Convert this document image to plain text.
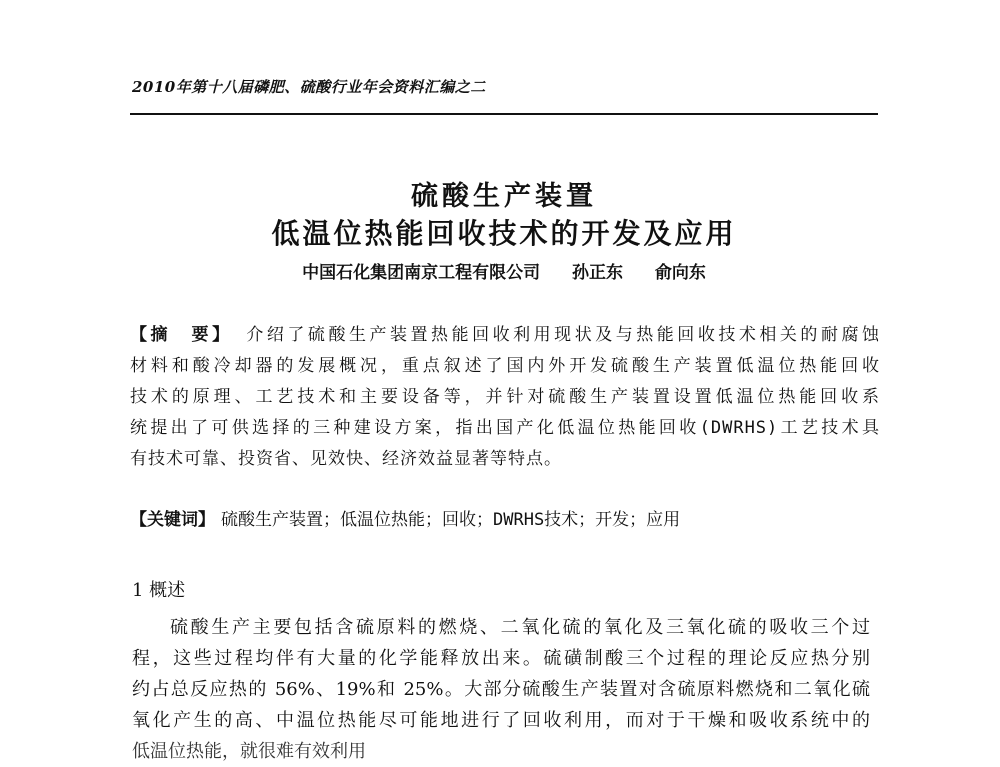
2010年第十八届磷肥、硫酸行业年会资料汇编之二
硫酸生产装置
低温位热能回收技术的开发及应用
中国石化集团南京工程有限公司 孙正东 俞向东
【摘　要】 介绍了硫酸生产装置热能回收利用现状及与热能回收技术相关的耐腐蚀
材料和酸冷却器的发展概况，重点叙述了国内外开发硫酸生产装置低温位热能回收
技术的原理、工艺技术和主要设备等，并针对硫酸生产装置设置低温位热能回收系
统提出了可供选择的三种建设方案，指出国产化低温位热能回收(DWRHS)工艺技术具
有技术可靠、投资省、见效快、经济效益显著等特点。
【关键词】 硫酸生产装置；低温位热能；回收；DWRHS技术；开发；应用
1 概述
硫酸生产主要包括含硫原料的燃烧、二氧化硫的氧化及三氧化硫的吸收三个过
程，这些过程均伴有大量的化学能释放出来。硫磺制酸三个过程的理论反应热分别
约占总反应热的 56%、19%和 25%。大部分硫酸生产装置对含硫原料燃烧和二氧化硫
氧化产生的高、中温位热能尽可能地进行了回收利用，而对于干燥和吸收系统中的
低温位热能，就很难有效利用
